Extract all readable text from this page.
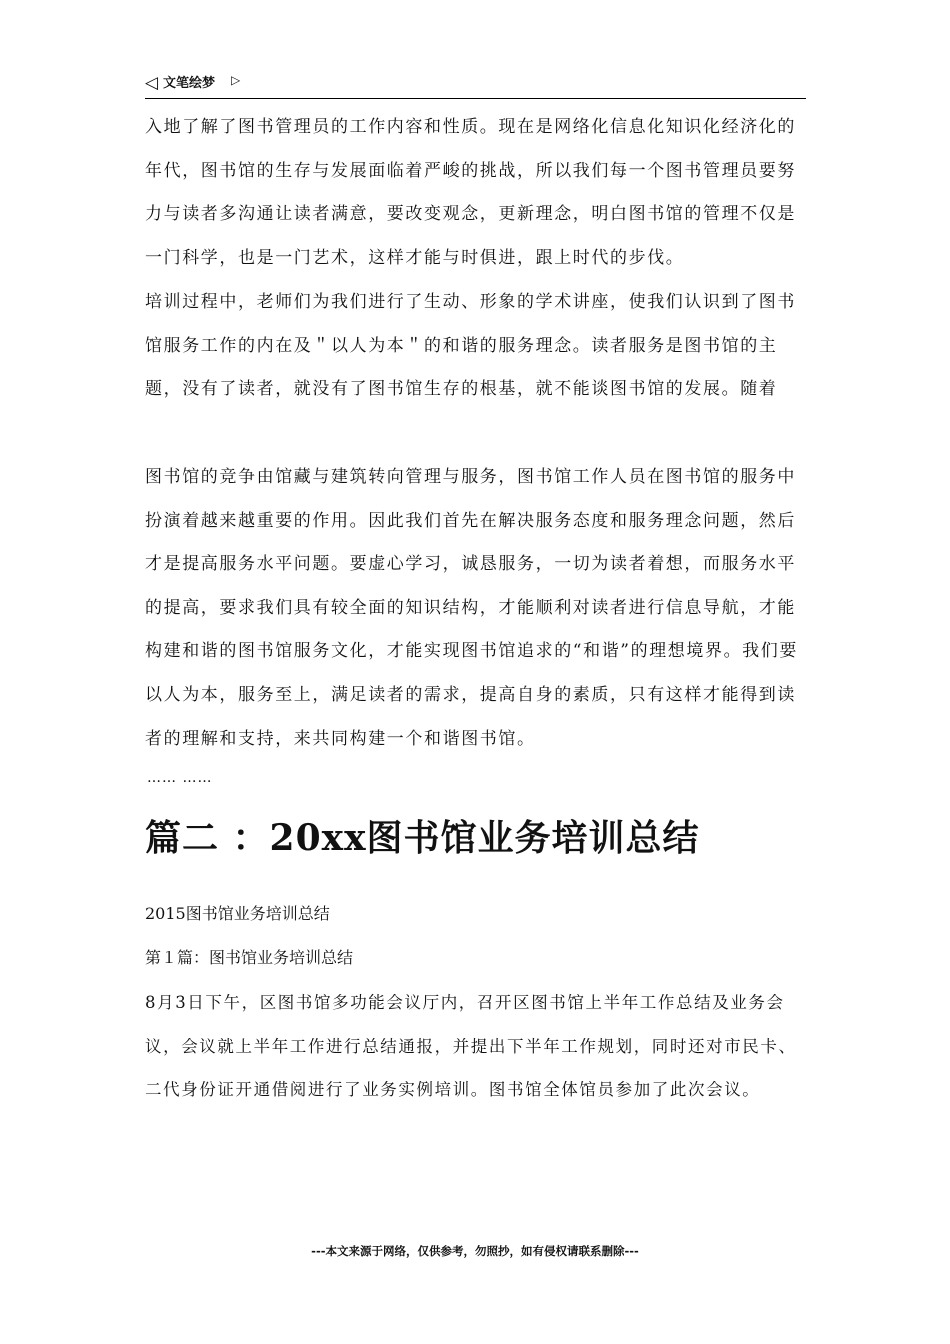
◁ 文笔绘梦 ▷

入地了解了图书管理员的工作内容和性质。现在是网络化信息化知识化经济化的年代，图书馆的生存与发展面临着严峻的挑战，所以我们每一个图书管理员要努力与读者多沟通让读者满意，要改变观念，更新理念，明白图书馆的管理不仅是一门科学，也是一门艺术，这样才能与时俱进，跟上时代的步伐。

培训过程中，老师们为我们进行了生动、形象的学术讲座，使我们认识到了图书馆服务工作的内在及＂以人为本＂的和谐的服务理念。读者服务是图书馆的主题，没有了读者，就没有了图书馆生存的根基，就不能谈图书馆的发展。随着

图书馆的竞争由馆藏与建筑转向管理与服务，图书馆工作人员在图书馆的服务中扮演着越来越重要的作用。因此我们首先在解决服务态度和服务理念问题，然后才是提高服务水平问题。要虚心学习，诚恳服务，一切为读者着想，而服务水平的提高，要求我们具有较全面的知识结构，才能顺利对读者进行信息导航，才能构建和谐的图书馆服务文化，才能实现图书馆追求的“和谐”的理想境界。我们要以人为本，服务至上，满足读者的需求，提高自身的素质，只有这样才能得到读者的理解和支持，来共同构建一个和谐图书馆。

…… ……
篇二 ：20xx图书馆业务培训总结

2015图书馆业务培训总结

第１篇：图书馆业务培训总结

8月3日下午，区图书馆多功能会议厅内，召开区图书馆上半年工作总结及业务会议，会议就上半年工作进行总结通报，并提出下半年工作规划，同时还对市民卡、二代身份证开通借阅进行了业务实例培训。图书馆全体馆员参加了此次会议。

---本文来源于网络，仅供参考，勿照抄，如有侵权请联系删除---
